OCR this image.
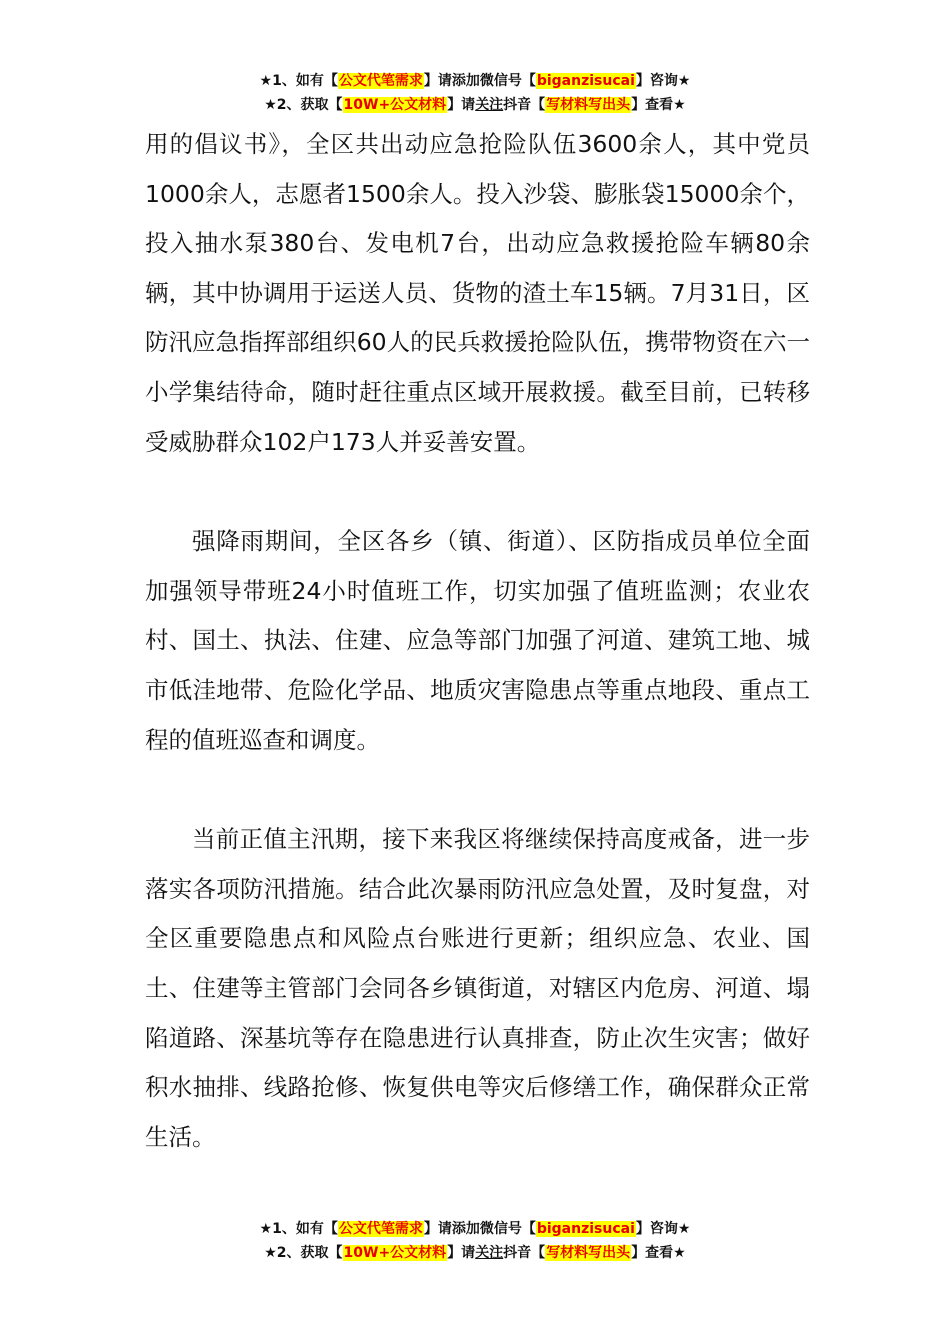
★1、如有【公文代笔需求】请添加微信号【biganzisucai】咨询★
★2、获取【10W+公文材料】请关注抖音【写材料写出头】查看★

用的倡议书》，全区共出动应急抢险队伍3600余人，其中党员1000余人，志愿者1500余人。投入沙袋、膨胀袋15000余个，投入抽水泵380台、发电机7台，出动应急救援抢险车辆80余辆，其中协调用于运送人员、货物的渣土车15辆。7月31日，区防汛应急指挥部组织60人的民兵救援抢险队伍，携带物资在六一小学集结待命，随时赶往重点区域开展救援。截至目前，已转移受威胁群众102户173人并妥善安置。

强降雨期间，全区各乡（镇、街道）、区防指成员单位全面加强领导带班24小时值班工作，切实加强了值班监测；农业农村、国土、执法、住建、应急等部门加强了河道、建筑工地、城市低洼地带、危险化学品、地质灾害隐患点等重点地段、重点工程的值班巡查和调度。

当前正值主汛期，接下来我区将继续保持高度戒备，进一步落实各项防汛措施。结合此次暴雨防汛应急处置，及时复盘，对全区重要隐患点和风险点台账进行更新；组织应急、农业、国土、住建等主管部门会同各乡镇街道，对辖区内危房、河道、塌陷道路、深基坑等存在隐患进行认真排查，防止次生灾害；做好积水抽排、线路抢修、恢复供电等灾后修缮工作，确保群众正常生活。

★1、如有【公文代笔需求】请添加微信号【biganzisucai】咨询★
★2、获取【10W+公文材料】请关注抖音【写材料写出头】查看★
